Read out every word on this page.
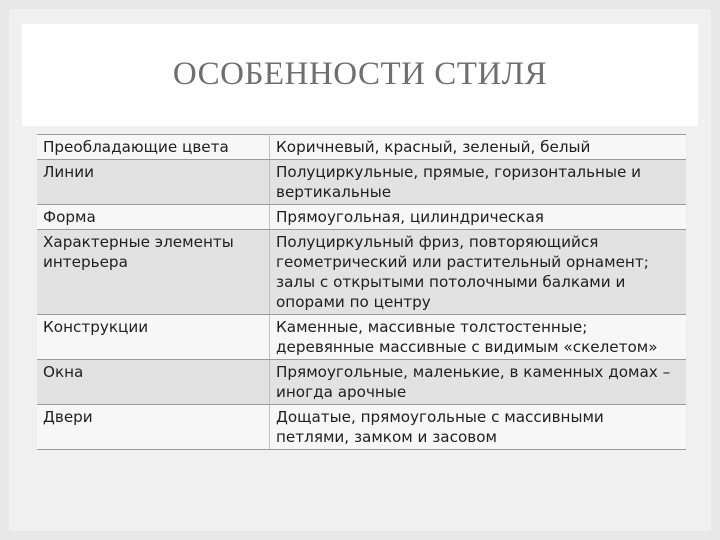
ОСОБЕННОСТИ СТИЛЯ
Преобладающие цвета	Коричневый, красный, зеленый, белый
Линии	Полуциркульные, прямые, горизонтальные и вертикальные
Форма	Прямоугольная, цилиндрическая
Характерные элементы интерьера	Полуциркульный фриз, повторяющийся геометрический или растительный орнамент; залы с открытыми потолочными балками и опорами по центру
Конструкции	Каменные, массивные толстостенные; деревянные массивные с видимым «скелетом»
Окна	Прямоугольные, маленькие, в каменных домах – иногда арочные
Двери	Дощатые, прямоугольные с массивными петлями, замком и засовом
